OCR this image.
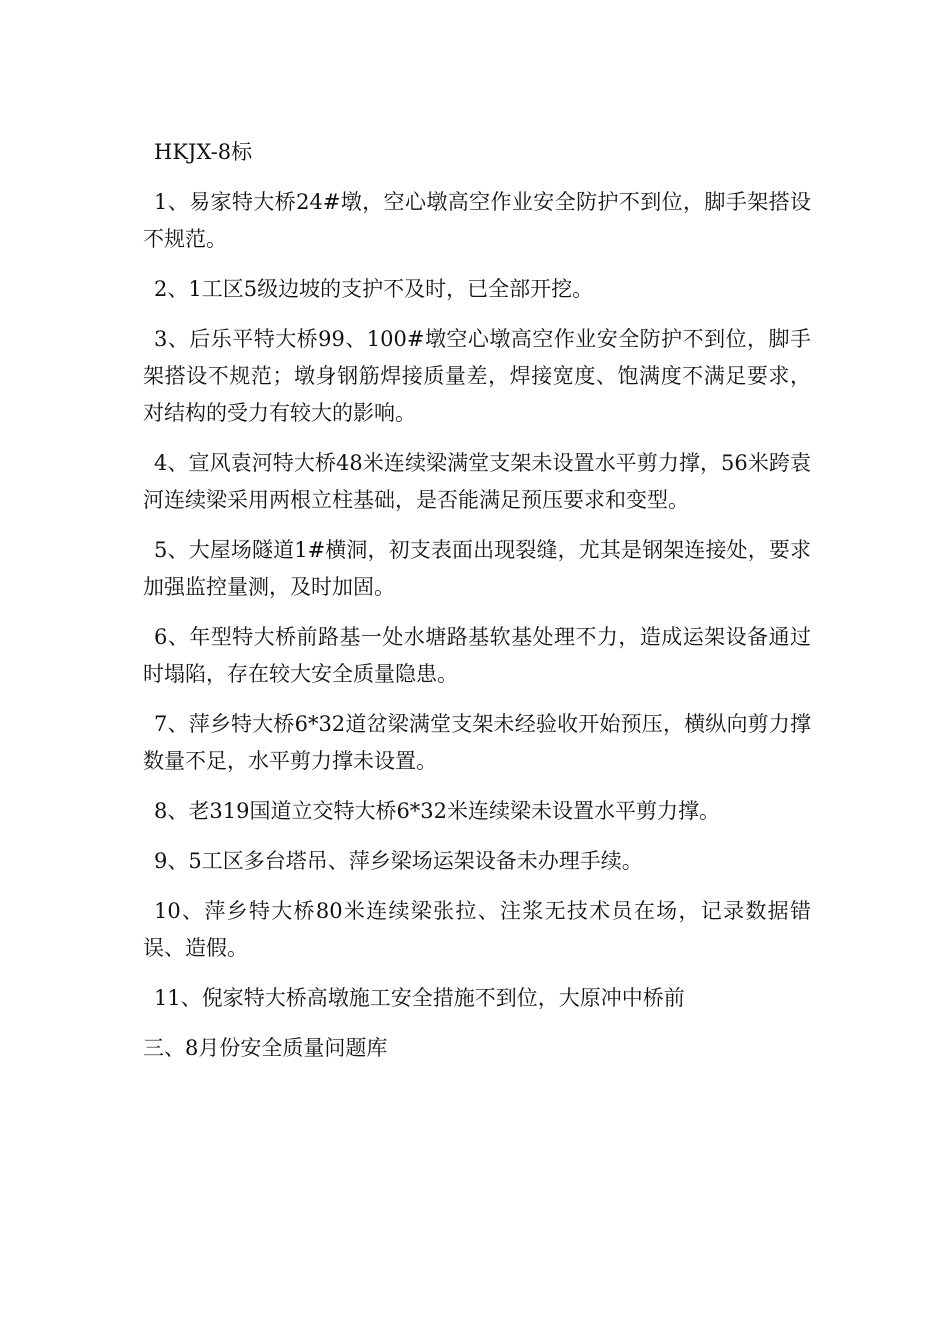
HKJX-8标

1、易家特大桥24#墩，空心墩高空作业安全防护不到位，脚手架搭设不规范。

2、1工区5级边坡的支护不及时，已全部开挖。

3、后乐平特大桥99、100#墩空心墩高空作业安全防护不到位，脚手架搭设不规范；墩身钢筋焊接质量差，焊接宽度、饱满度不满足要求，对结构的受力有较大的影响。

4、宣风袁河特大桥48米连续梁满堂支架未设置水平剪力撑，56米跨袁河连续梁采用两根立柱基础，是否能满足预压要求和变型。

5、大屋场隧道1#横洞，初支表面出现裂缝，尤其是钢架连接处，要求加强监控量测，及时加固。

6、年型特大桥前路基一处水塘路基软基处理不力，造成运架设备通过时塌陷，存在较大安全质量隐患。

7、萍乡特大桥6*32道岔梁满堂支架未经验收开始预压，横纵向剪力撑数量不足，水平剪力撑未设置。

8、老319国道立交特大桥6*32米连续梁未设置水平剪力撑。

9、5工区多台塔吊、萍乡梁场运架设备未办理手续。

10、萍乡特大桥80米连续梁张拉、注浆无技术员在场，记录数据错误、造假。

11、倪家特大桥高墩施工安全措施不到位，大原冲中桥前

三、8月份安全质量问题库
